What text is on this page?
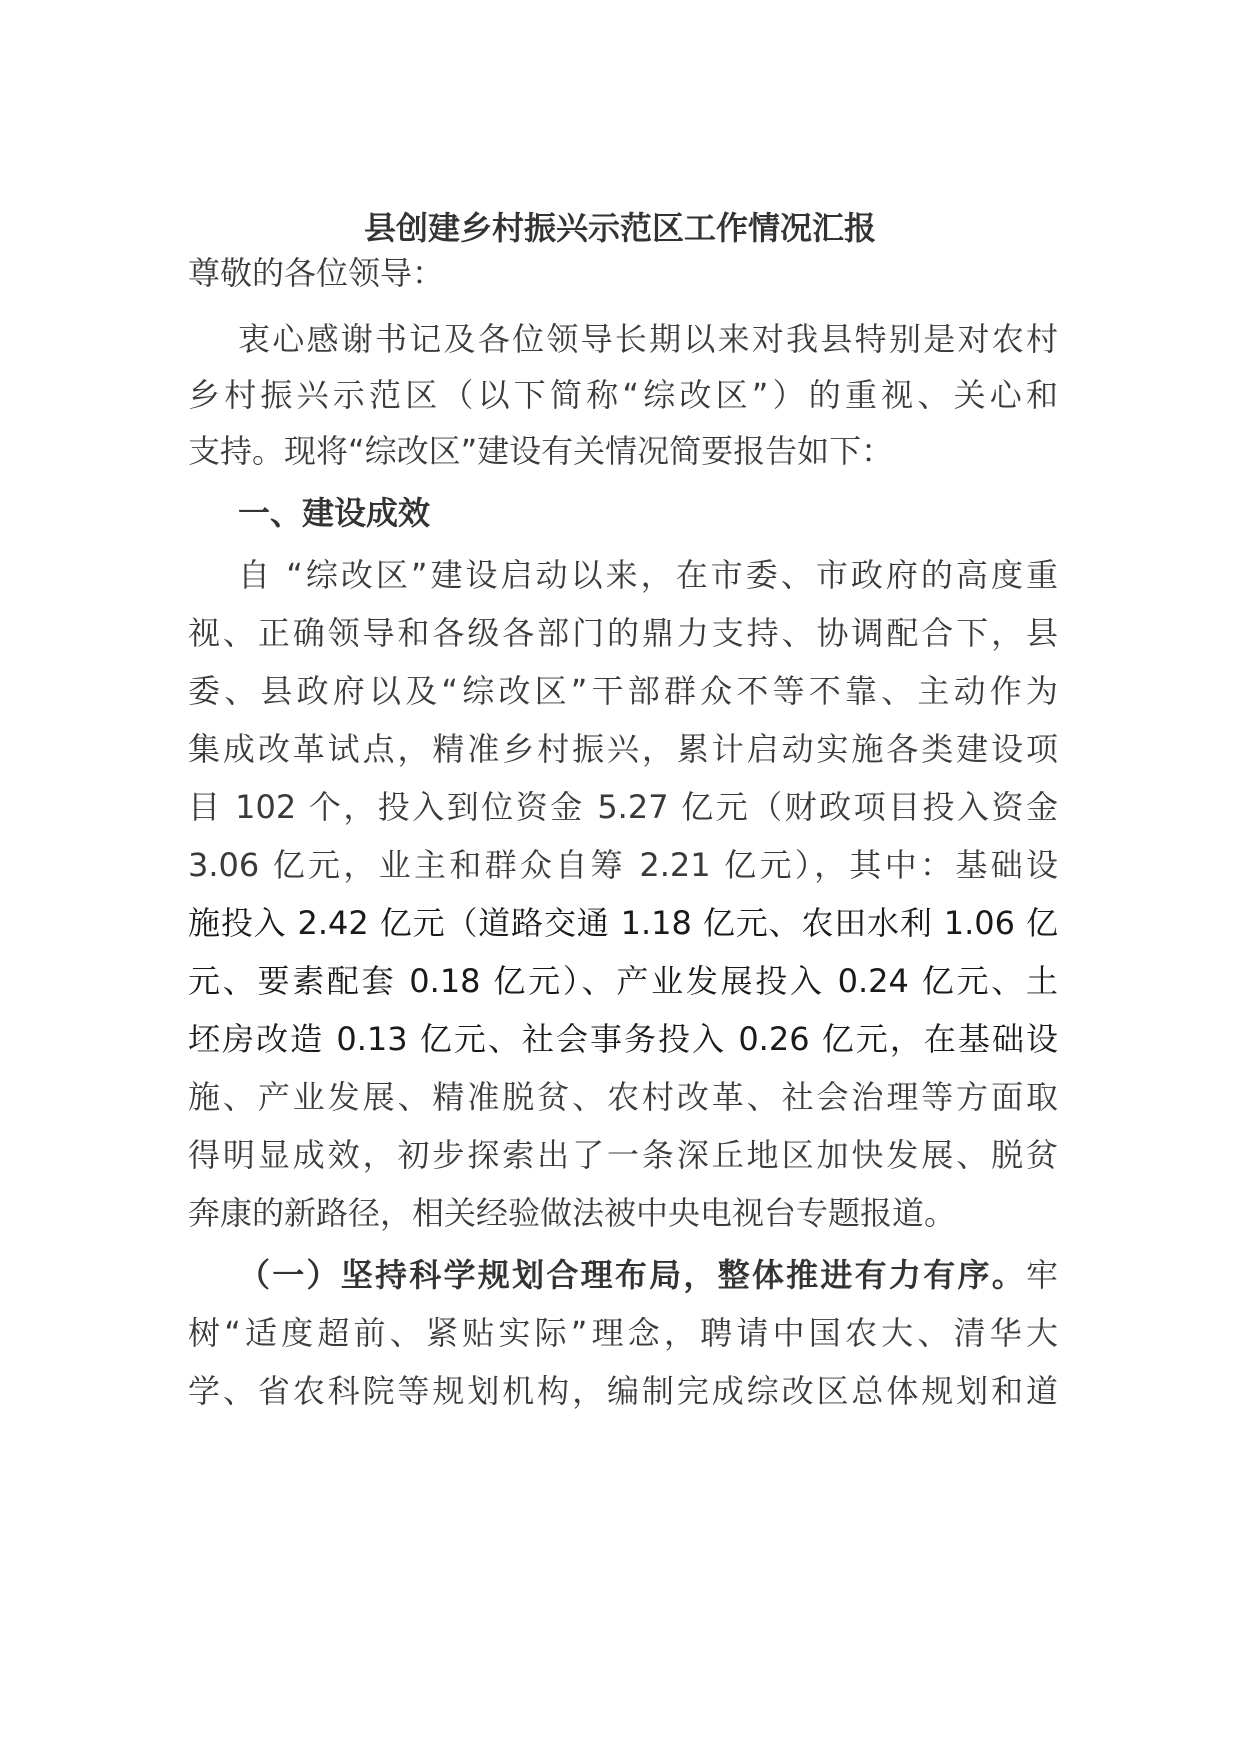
县创建乡村振兴示范区工作情况汇报

尊敬的各位领导：

衷心感谢书记及各位领导长期以来对我县特别是对农村

乡村振兴示范区（以下简称“综改区”）的重视、关心和

支持。现将“综改区”建设有关情况简要报告如下：

一、建设成效

自 “综改区”建设启动以来，在市委、市政府的高度重

视、正确领导和各级各部门的鼎力支持、协调配合下，县

委、县政府以及“综改区”干部群众不等不靠、主动作为

集成改革试点，精准乡村振兴，累计启动实施各类建设项

目 102 个，投入到位资金 5.27 亿元（财政项目投入资金

3.06 亿元，业主和群众自筹 2.21 亿元），其中：基础设

施投入 2.42 亿元（道路交通 1.18 亿元、农田水利 1.06 亿

元、要素配套 0.18 亿元）、产业发展投入 0.24 亿元、土

坯房改造 0.13 亿元、社会事务投入 0.26 亿元，在基础设

施、产业发展、精准脱贫、农村改革、社会治理等方面取

得明显成效，初步探索出了一条深丘地区加快发展、脱贫

奔康的新路径，相关经验做法被中央电视台专题报道。

（一）坚持科学规划合理布局，整体推进有力有序。牢

树“适度超前、紧贴实际”理念，聘请中国农大、清华大

学、省农科院等规划机构，编制完成综改区总体规划和道
